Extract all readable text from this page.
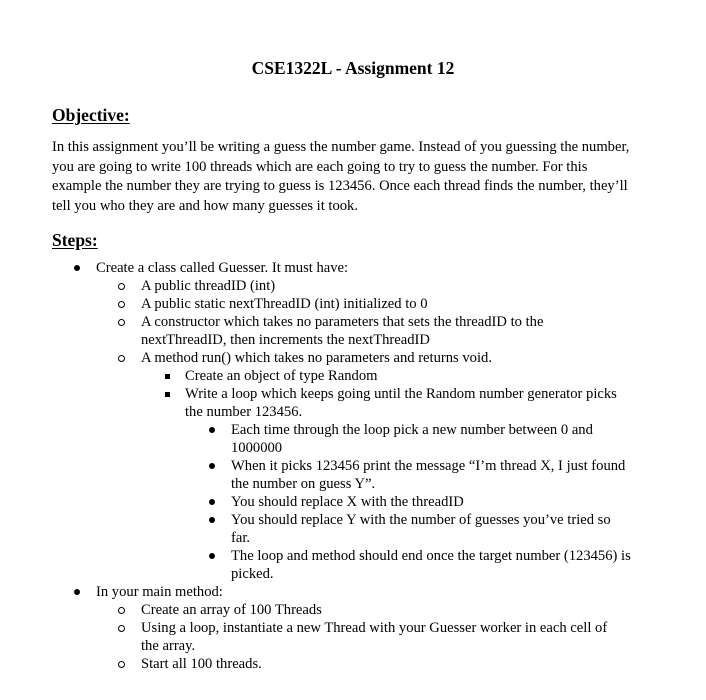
CSE1322L - Assignment 12
Objective:
In this assignment you’ll be writing a guess the number game. Instead of you guessing the number, you are going to write 100 threads which are each going to try to guess the number. For this example the number they are trying to guess is 123456. Once each thread finds the number, they’ll tell you who they are and how many guesses it took.
Steps:
Create a class called Guesser. It must have:
A public threadID (int)
A public static nextThreadID (int) initialized to 0
A constructor which takes no parameters that sets the threadID to the nextThreadID, then increments the nextThreadID
A method run() which takes no parameters and returns void.
Create an object of type Random
Write a loop which keeps going until the Random number generator picks the number 123456.
Each time through the loop pick a new number between 0 and 1000000
When it picks 123456 print the message “I’m thread X, I just found the number on guess Y”.
You should replace X with the threadID
You should replace Y with the number of guesses you’ve tried so far.
The loop and method should end once the target number (123456) is picked.
In your main method:
Create an array of 100 Threads
Using a loop, instantiate a new Thread with your Guesser worker in each cell of the array.
Start all 100 threads.
